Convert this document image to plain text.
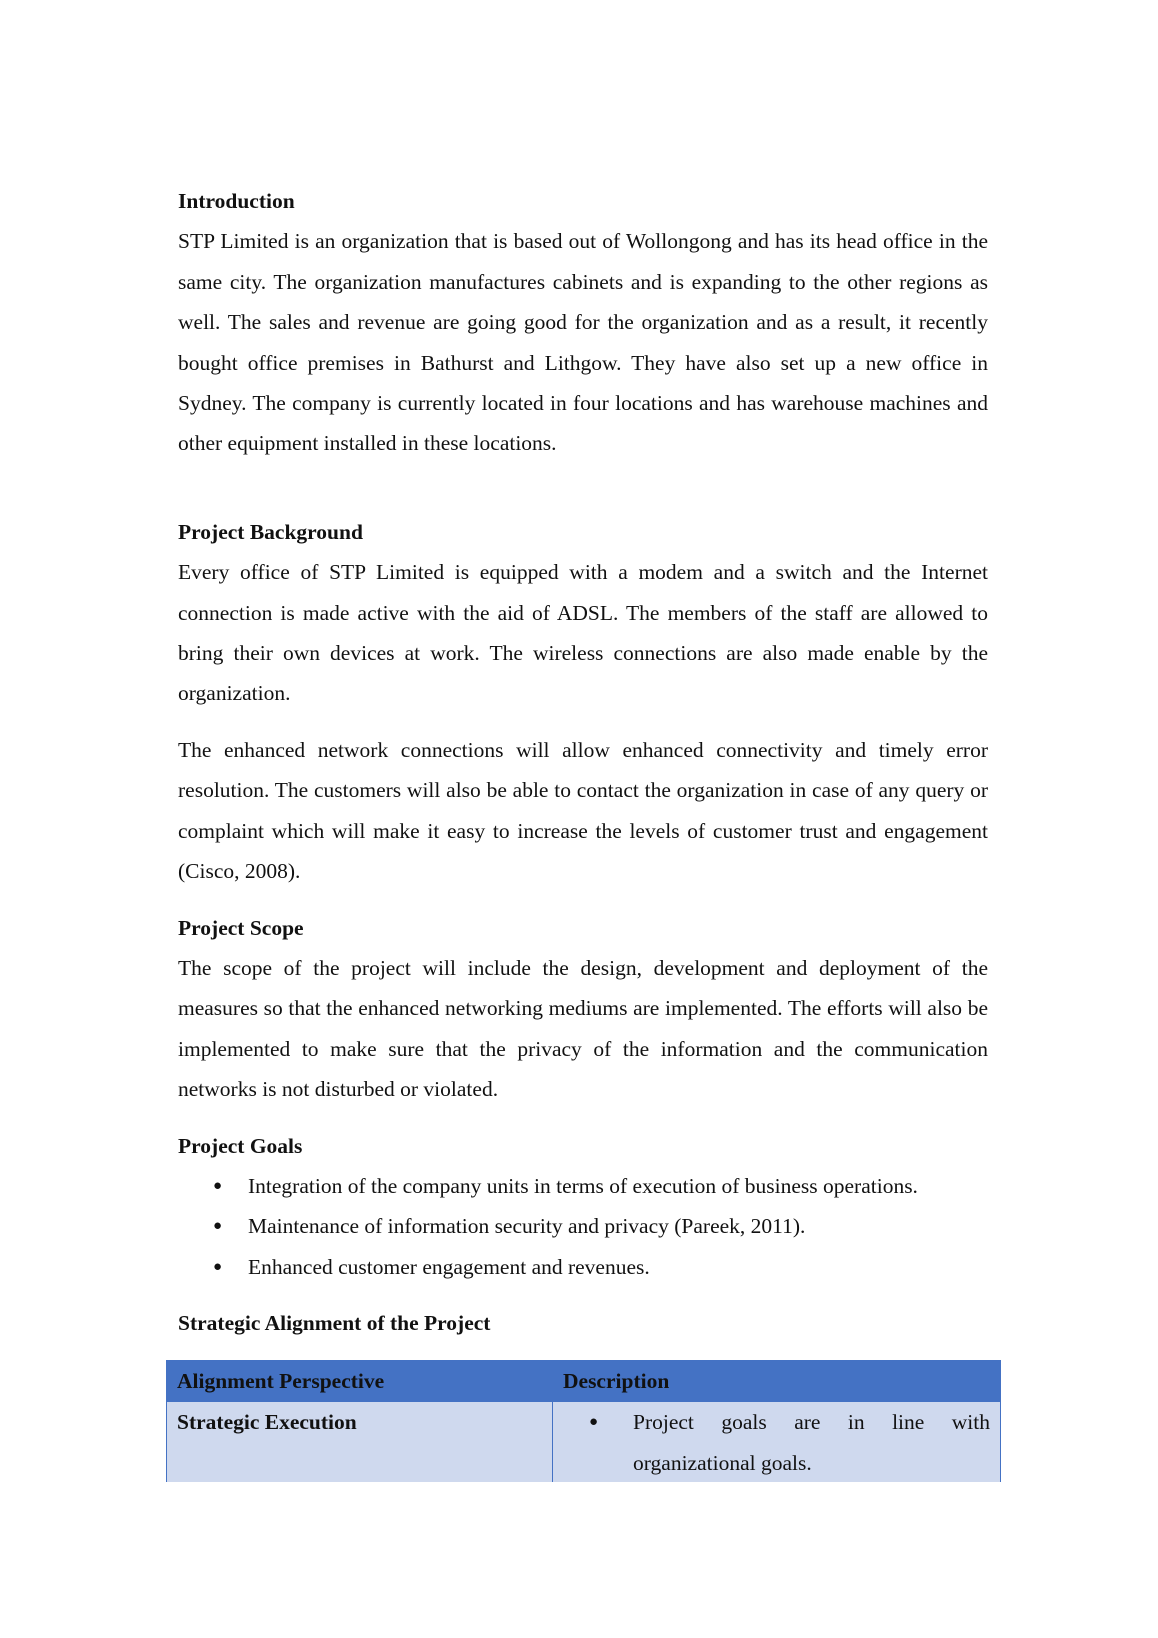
Introduction

STP Limited is an organization that is based out of Wollongong and has its head office in the same city. The organization manufactures cabinets and is expanding to the other regions as well. The sales and revenue are going good for the organization and as a result, it recently bought office premises in Bathurst and Lithgow. They have also set up a new office in Sydney. The company is currently located in four locations and has warehouse machines and other equipment installed in these locations.

Project Background

Every office of STP Limited is equipped with a modem and a switch and the Internet connection is made active with the aid of ADSL. The members of the staff are allowed to bring their own devices at work. The wireless connections are also made enable by the organization.

The enhanced network connections will allow enhanced connectivity and timely error resolution. The customers will also be able to contact the organization in case of any query or complaint which will make it easy to increase the levels of customer trust and engagement (Cisco, 2008).

Project Scope

The scope of the project will include the design, development and deployment of the measures so that the enhanced networking mediums are implemented. The efforts will also be implemented to make sure that the privacy of the information and the communication networks is not disturbed or violated.

Project Goals

● Integration of the company units in terms of execution of business operations.
● Maintenance of information security and privacy (Pareek, 2011).
● Enhanced customer engagement and revenues.

Strategic Alignment of the Project

Alignment Perspective	Description
Strategic Execution	● Project goals are in line with organizational goals.
